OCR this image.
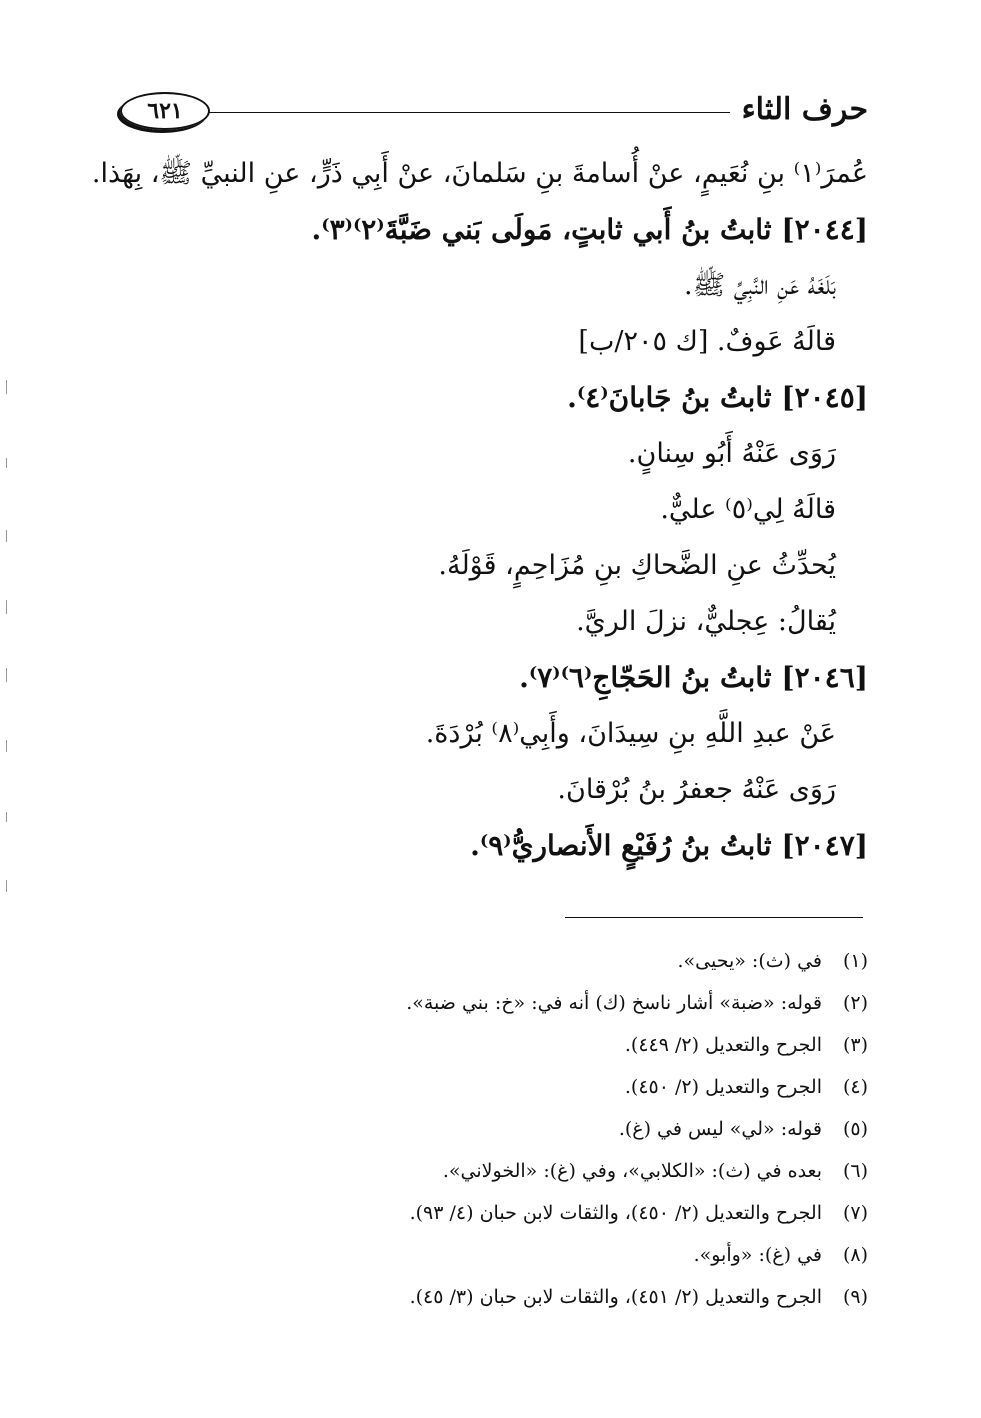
حرف الثاء
٦٢١
عُمرَ⁽١⁾ بنِ نُعَيمٍ، عنْ أُسامةَ بنِ سَلمانَ، عنْ أَبِي ذَرٍّ، عنِ النبيِّ ﷺ، بِهَذا.
[٢٠٤٤] ثابتُ بنُ أَبي ثابتٍ، مَولَى بَني ضَبَّةَ⁽٢⁾⁽٣⁾.
بَلَغَهُ عَنِ النَّبِيِّ ﷺ.
قالَهُ عَوفٌ. [ك ٢٠٥/ب]
[٢٠٤٥] ثابتُ بنُ جَابانَ⁽٤⁾.
رَوَى عَنْهُ أَبُو سِنانٍ.
قالَهُ لِي⁽٥⁾ عليٌّ.
يُحدِّثُ عنِ الضَّحاكِ بنِ مُزَاحِمٍ، قَوْلَهُ.
يُقالُ: عِجليٌّ، نزلَ الريَّ.
[٢٠٤٦] ثابتُ بنُ الحَجّاجِ⁽٦⁾⁽٧⁾.
عَنْ عبدِ اللَّهِ بنِ سِيدَانَ، وأَبِي⁽٨⁾ بُرْدَةَ.
رَوَى عَنْهُ جعفرُ بنُ بُرْقانَ.
[٢٠٤٧] ثابتُ بنُ رُفَيْعٍ الأَنصاريُّ⁽٩⁾.
(١)في (ث): «يحيى».
(٢)قوله: «ضبة» أشار ناسخ (ك) أنه في: «خ: بني ضبة».
(٣)الجرح والتعديل (٢/ ٤٤٩).
(٤)الجرح والتعديل (٢/ ٤٥٠).
(٥)قوله: «لي» ليس في (غ).
(٦)بعده في (ث): «الكلابي»، وفي (غ): «الخولاني».
(٧)الجرح والتعديل (٢/ ٤٥٠)، والثقات لابن حبان (٤/ ٩٣).
(٨)في (غ): «وأبو».
(٩)الجرح والتعديل (٢/ ٤٥١)، والثقات لابن حبان (٣/ ٤٥).
